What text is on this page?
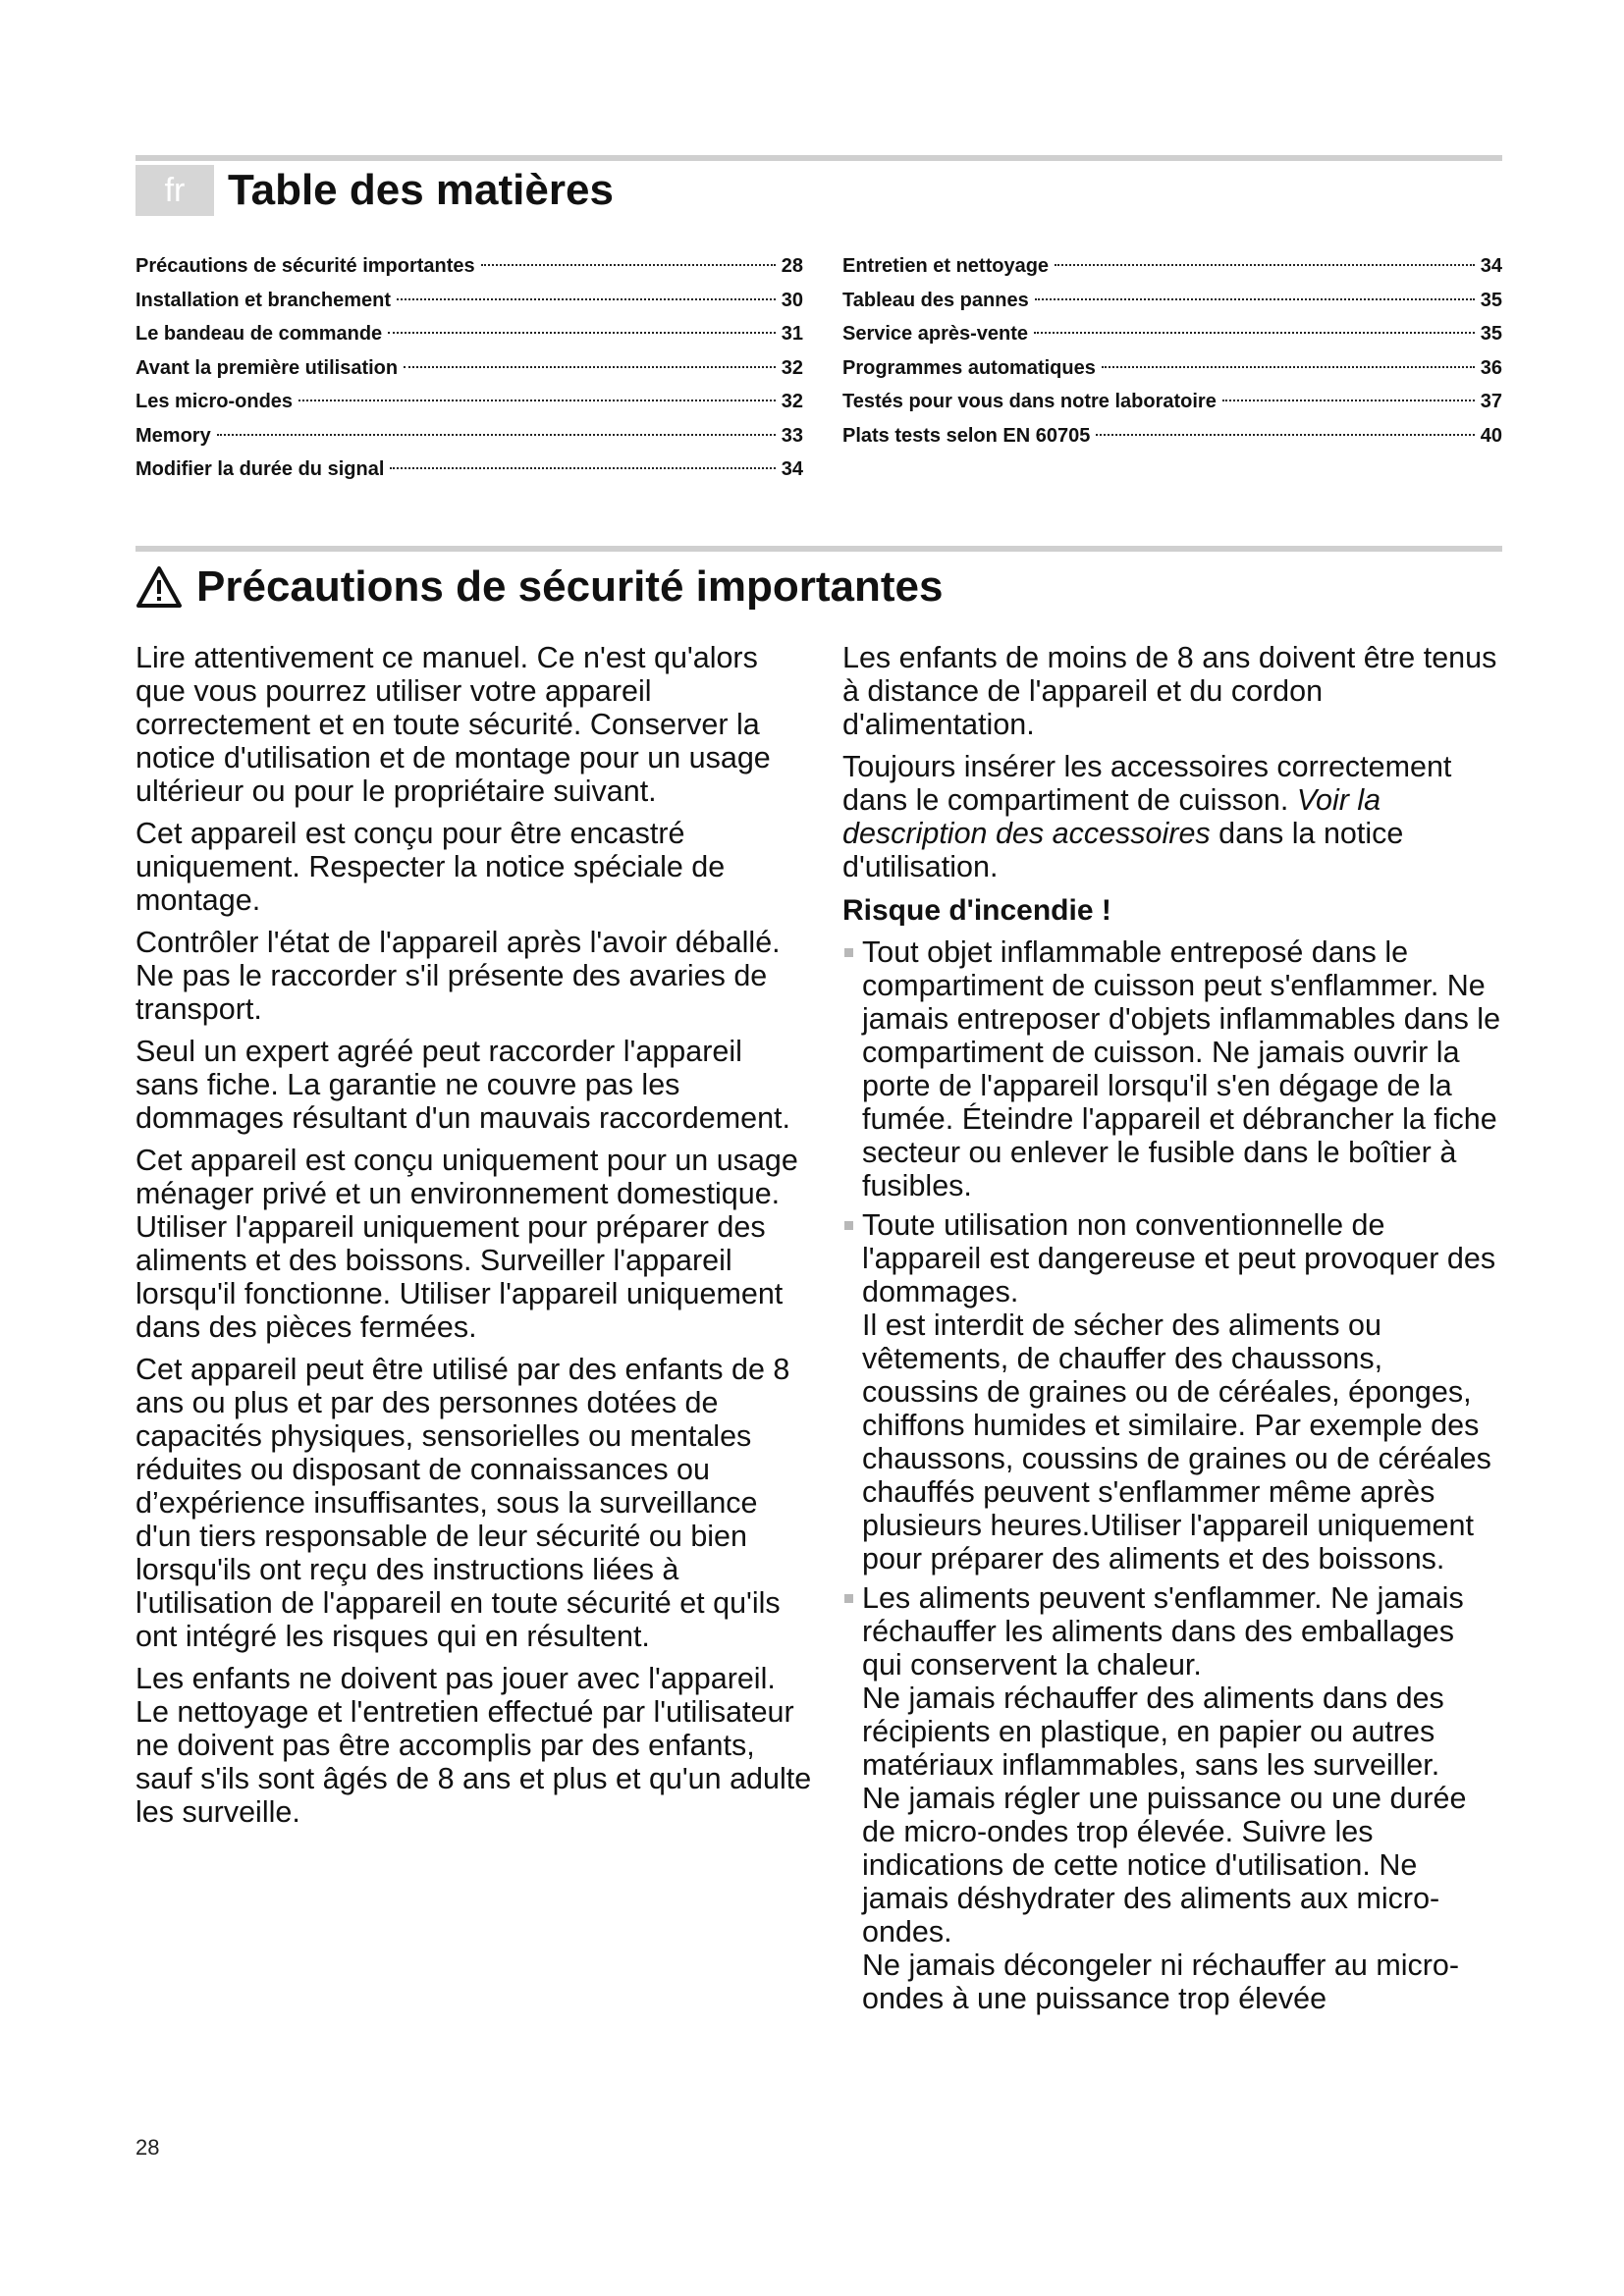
fr Table des matières
Précautions de sécurité importantes	28
Installation et branchement	30
Le bandeau de commande	31
Avant la première utilisation	32
Les micro-ondes	32
Memory	33
Modifier la durée du signal	34
Entretien et nettoyage	34
Tableau des pannes	35
Service après-vente	35
Programmes automatiques	36
Testés pour vous dans notre laboratoire	37
Plats tests selon EN 60705	40
Précautions de sécurité importantes

Lire attentivement ce manuel. Ce n'est qu'alors que vous pourrez utiliser votre appareil correctement et en toute sécurité. Conserver la notice d'utilisation et de montage pour un usage ultérieur ou pour le propriétaire suivant.

Cet appareil est conçu pour être encastré uniquement. Respecter la notice spéciale de montage.

Contrôler l'état de l'appareil après l'avoir déballé. Ne pas le raccorder s'il présente des avaries de transport.

Seul un expert agréé peut raccorder l'appareil sans fiche. La garantie ne couvre pas les dommages résultant d'un mauvais raccordement.

Cet appareil est conçu uniquement pour un usage ménager privé et un environnement domestique. Utiliser l'appareil uniquement pour préparer des aliments et des boissons. Surveiller l'appareil lorsqu'il fonctionne. Utiliser l'appareil uniquement dans des pièces fermées.

Cet appareil peut être utilisé par des enfants de 8 ans ou plus et par des personnes dotées de capacités physiques, sensorielles ou mentales réduites ou disposant de connaissances ou d’expérience insuffisantes, sous la surveillance d'un tiers responsable de leur sécurité ou bien lorsqu'ils ont reçu des instructions liées à l'utilisation de l'appareil en toute sécurité et qu'ils ont intégré les risques qui en résultent.

Les enfants ne doivent pas jouer avec l'appareil. Le nettoyage et l'entretien effectué par l'utilisateur ne doivent pas être accomplis par des enfants, sauf s'ils sont âgés de 8 ans et plus et qu'un adulte les surveille.

Les enfants de moins de 8 ans doivent être tenus à distance de l'appareil et du cordon d'alimentation.

Toujours insérer les accessoires correctement dans le compartiment de cuisson. Voir la description des accessoires dans la notice d'utilisation.

Risque d'incendie !
Tout objet inflammable entreposé dans le compartiment de cuisson peut s'enflammer. Ne jamais entreposer d'objets inflammables dans le compartiment de cuisson. Ne jamais ouvrir la porte de l'appareil lorsqu'il s'en dégage de la fumée. Éteindre l'appareil et débrancher la fiche secteur ou enlever le fusible dans le boîtier à fusibles.
Toute utilisation non conventionnelle de l'appareil est dangereuse et peut provoquer des dommages.
Il est interdit de sécher des aliments ou vêtements, de chauffer des chaussons, coussins de graines ou de céréales, éponges, chiffons humides et similaire. Par exemple des chaussons, coussins de graines ou de céréales chauffés peuvent s'enflammer même après plusieurs heures.Utiliser l'appareil uniquement pour préparer des aliments et des boissons.
Les aliments peuvent s'enflammer. Ne jamais réchauffer les aliments dans des emballages qui conservent la chaleur.
Ne jamais réchauffer des aliments dans des récipients en plastique, en papier ou autres matériaux inflammables, sans les surveiller.
Ne jamais régler une puissance ou une durée de micro-ondes trop élevée. Suivre les indications de cette notice d'utilisation. Ne jamais déshydrater des aliments aux micro-ondes.
Ne jamais décongeler ni réchauffer au micro-ondes à une puissance trop élevée
28
